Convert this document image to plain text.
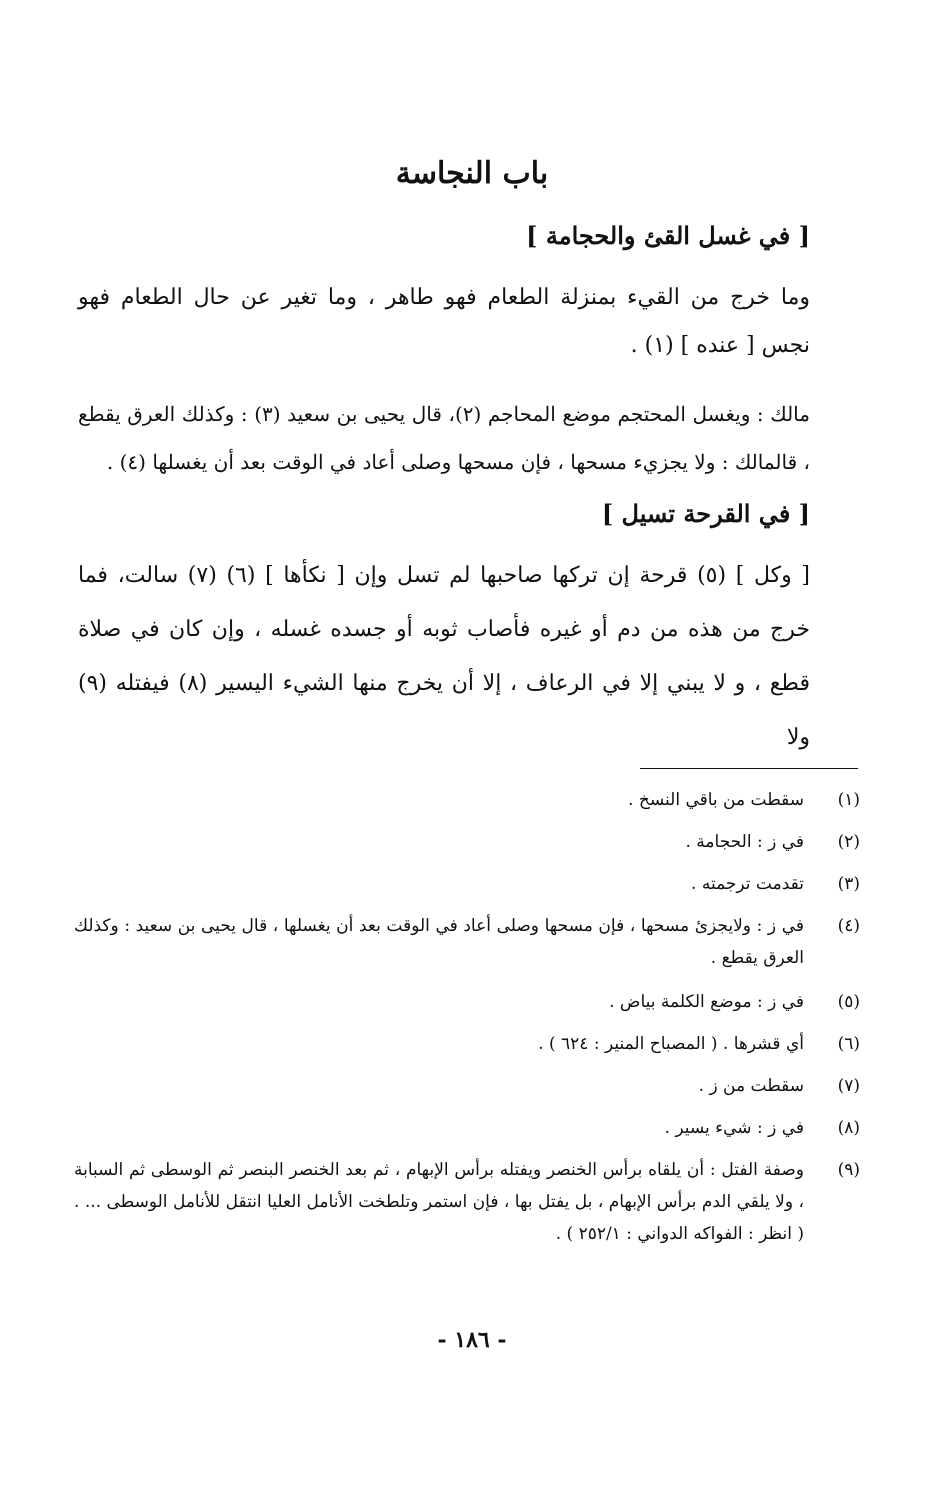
باب النجاسة
[ في غسل القئ والحجامة ]
وما خرج من القيء بمنزلة الطعام فهو طاهر ، وما تغير عن حال الطعام فهو نجس [ عنده ] (١) .
مالك : ويغسل المحتجم موضع المحاجم (٢)، قال يحيى بن سعيد (٣) : وكذلك العرق يقطع ، قالمالك : ولا يجزيء مسحها ، فإن مسحها وصلى أعاد في الوقت بعد أن يغسلها (٤) .
[ في القرحة تسيل ]
[ وكل ] (٥) قرحة إن تركها صاحبها لم تسل وإن [ نكأها ] (٦) (٧) سالت، فما خرج من هذه من دم أو غيره فأصاب ثوبه أو جسده غسله ، وإن كان في صلاة قطع ، و لا يبني إلا في الرعاف ، إلا أن يخرج منها الشيء اليسير (٨) فيفتله (٩) ولا
(١)
سقطت من باقي النسخ .
(٢)
في ز : الحجامة .
(٣)
تقدمت ترجمته .
(٤)
في ز : ولايجزئ مسحها ، فإن مسحها وصلى أعاد في الوقت بعد أن يغسلها ، قال يحيى بن سعيد : وكذلك العرق يقطع .
(٥)
في ز : موضع الكلمة بياض .
(٦)
أي قشرها . ( المصباح المنير : ٦٢٤ ) .
(٧)
سقطت من ز .
(٨)
في ز : شيء يسير .
(٩)
وصفة الفتل : أن يلقاه برأس الخنصر ويفتله برأس الإبهام ، ثم بعد الخنصر البنصر ثم الوسطى ثم السبابة ، ولا يلقي الدم برأس الإبهام ، بل يفتل بها ، فإن استمر وتلطخت الأنامل العليا انتقل للأنامل الوسطى ... . ( انظر : الفواكه الدواني : ٢٥٢/١ ) .
- ١٨٦ -
